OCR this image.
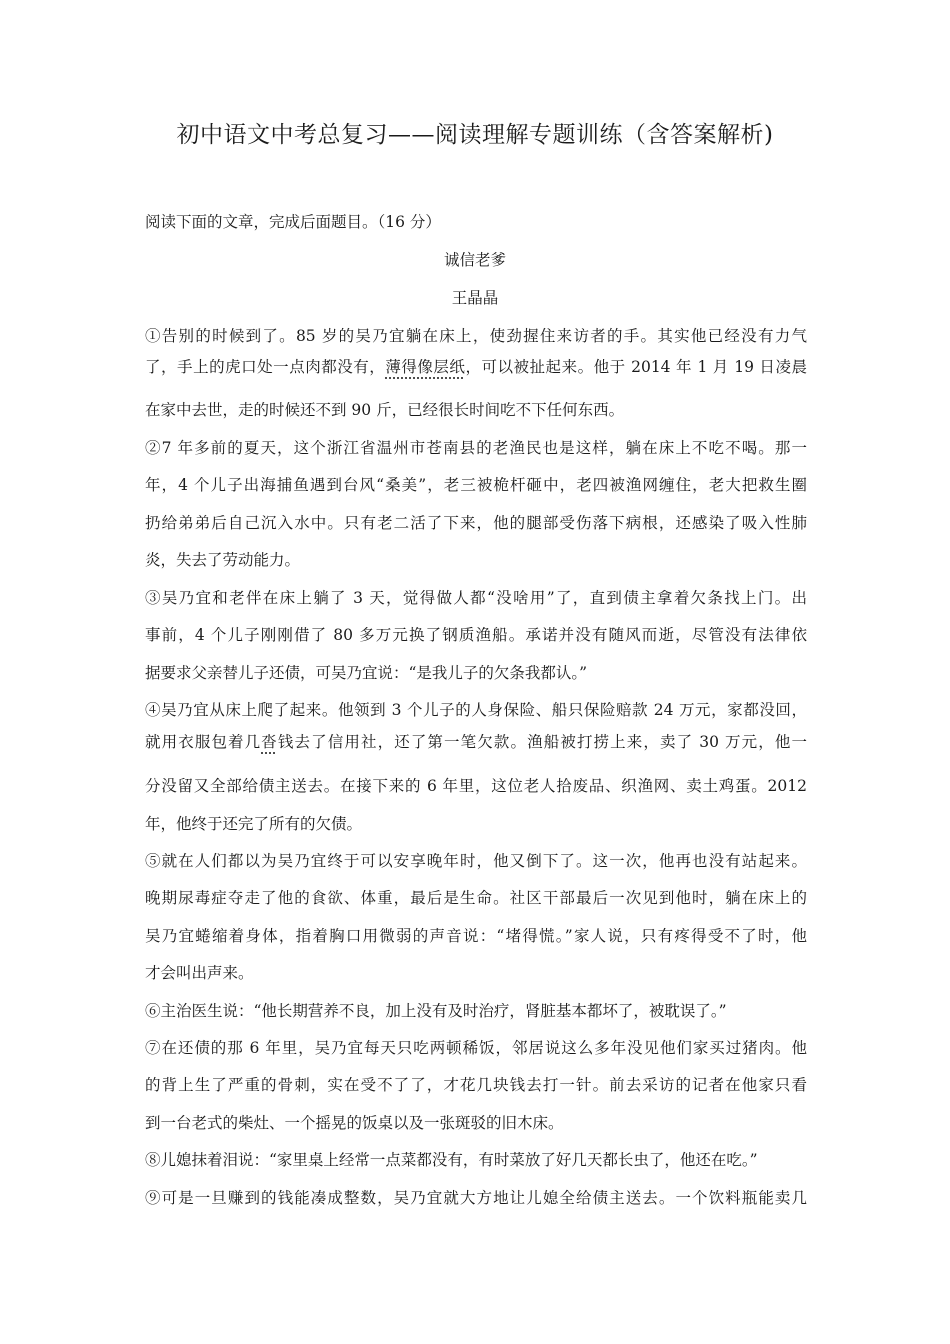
初中语文中考总复习——阅读理解专题训练（含答案解析)
阅读下面的文章，完成后面题目。（16 分）
诚信老爹
王晶晶
①告别的时候到了。85 岁的吴乃宜躺在床上，使劲握住来访者的手。其实他已经没有力气
了，手上的虎口处一点肉都没有，薄得像层纸，可以被扯起来。他于 2014 年 1 月 19 日凌晨
在家中去世，走的时候还不到 90 斤，已经很长时间吃不下任何东西。
②7 年多前的夏天，这个浙江省温州市苍南县的老渔民也是这样，躺在床上不吃不喝。那一
年，4 个儿子出海捕鱼遇到台风“桑美”，老三被桅杆砸中，老四被渔网缠住，老大把救生圈
扔给弟弟后自己沉入水中。只有老二活了下来，他的腿部受伤落下病根，还感染了吸入性肺
炎，失去了劳动能力。
③吴乃宜和老伴在床上躺了 3 天，觉得做人都“没啥用”了，直到债主拿着欠条找上门。出
事前，4 个儿子刚刚借了 80 多万元换了钢质渔船。承诺并没有随风而逝，尽管没有法律依
据要求父亲替儿子还债，可吴乃宜说：“是我儿子的欠条我都认。”
④吴乃宜从床上爬了起来。他领到 3 个儿子的人身保险、船只保险赔款 24 万元，家都没回，
就用衣服包着几沓钱去了信用社，还了第一笔欠款。渔船被打捞上来，卖了 30 万元，他一
分没留又全部给债主送去。在接下来的 6 年里，这位老人拾废品、织渔网、卖土鸡蛋。2012
年，他终于还完了所有的欠债。
⑤就在人们都以为吴乃宜终于可以安享晚年时，他又倒下了。这一次，他再也没有站起来。
晚期尿毒症夺走了他的食欲、体重，最后是生命。社区干部最后一次见到他时，躺在床上的
吴乃宜蜷缩着身体，指着胸口用微弱的声音说：“堵得慌。”家人说，只有疼得受不了时，他
才会叫出声来。
⑥主治医生说：“他长期营养不良，加上没有及时治疗，肾脏基本都坏了，被耽误了。”
⑦在还债的那 6 年里，吴乃宜每天只吃两顿稀饭，邻居说这么多年没见他们家买过猪肉。他
的背上生了严重的骨刺，实在受不了了，才花几块钱去打一针。前去采访的记者在他家只看
到一台老式的柴灶、一个摇晃的饭桌以及一张斑驳的旧木床。
⑧儿媳抹着泪说：“家里桌上经常一点菜都没有，有时菜放了好几天都长虫了，他还在吃。”
⑨可是一旦赚到的钱能凑成整数，吴乃宜就大方地让儿媳全给债主送去。一个饮料瓶能卖几
